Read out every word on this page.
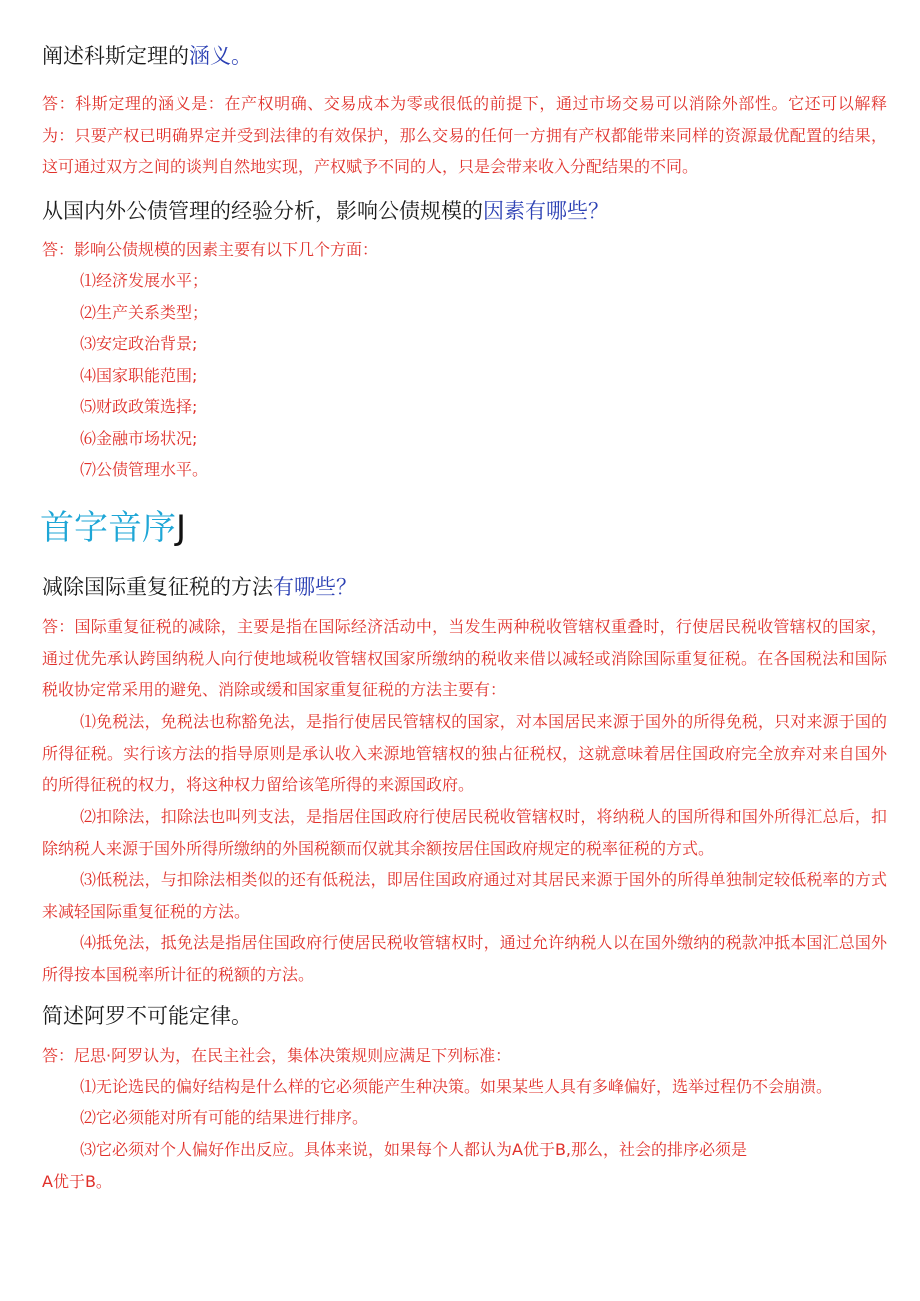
阐述科斯定理的涵义。

答：科斯定理的涵义是：在产权明确、交易成本为零或很低的前提下，通过市场交易可以消除外部性。它还可以解释为：只要产权已明确界定并受到法律的有效保护，那么交易的任何一方拥有产权都能带来同样的资源最优配置的结果，这可通过双方之间的谈判自然地实现，产权赋予不同的人，只是会带来收入分配结果的不同。

从国内外公债管理的经验分析，影响公债规模的因素有哪些？
答：影响公债规模的因素主要有以下几个方面：
⑴经济发展水平；
⑵生产关系类型；
⑶安定政治背景;
⑷国家职能范围;
⑸财政政策选择;
⑹金融市场状况;
⑺公债管理水平。
首字音序J
减除国际重复征税的方法有哪些？

答：国际重复征税的减除，主要是指在国际经济活动中，当发生两种税收管辖权重叠时，行使居民税收管辖权的国家，通过优先承认跨国纳税人向行使地域税收管辖权国家所缴纳的税收来借以减轻或消除国际重复征税。在各国税法和国际税收协定常采用的避免、消除或缓和国家重复征税的方法主要有：

⑴免税法，免税法也称豁免法，是指行使居民管辖权的国家，对本国居民来源于国外的所得免税，只对来源于国的所得征税。实行该方法的指导原则是承认收入来源地管辖权的独占征税权，这就意味着居住国政府完全放弃对来自国外的所得征税的权力，将这种权力留给该笔所得的来源国政府。
⑵扣除法，扣除法也叫列支法，是指居住国政府行使居民税收管辖权时，将纳税人的国所得和国外所得汇总后，扣除纳税人来源于国外所得所缴纳的外国税额而仅就其余额按居住国政府规定的税率征税的方式。
⑶低税法，与扣除法相类似的还有低税法，即居住国政府通过对其居民来源于国外的所得单独制定较低税率的方式来减轻国际重复征税的方法。
⑷抵免法，抵免法是指居住国政府行使居民税收管辖权时，通过允许纳税人以在国外缴纳的税款冲抵本国汇总国外所得按本国税率所计征的税额的方法。
简述阿罗不可能定律。
答：尼思·阿罗认为，在民主社会，集体决策规则应满足下列标准：
⑴无论选民的偏好结构是什么样的它必须能产生种决策。如果某些人具有多峰偏好，选举过程仍不会崩溃。
⑵它必须能对所有可能的结果进行排序。
⑶它必须对个人偏好作出反应。具体来说，如果每个人都认为A优于B,那么，社会的排序必须是
A优于B。
